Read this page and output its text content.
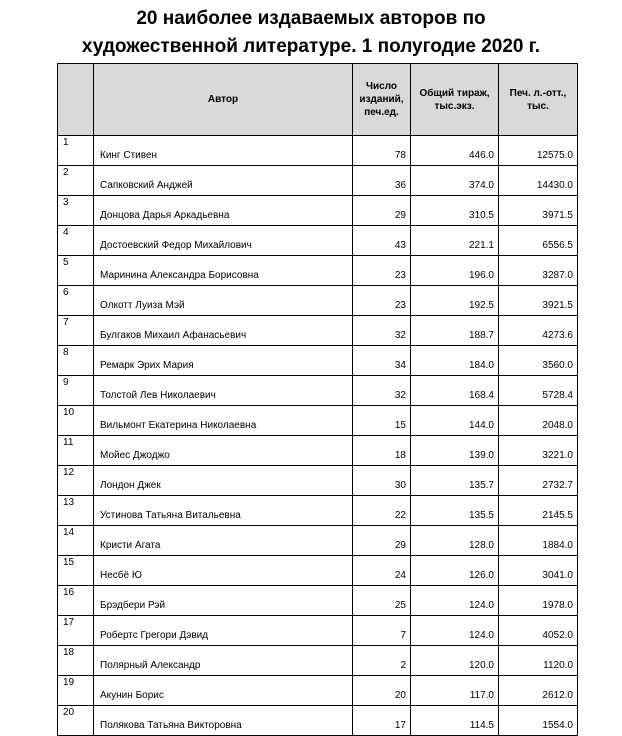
20 наиболее издаваемых авторов по
художественной литературе. 1 полугодие 2020 г.
	Автор	Число изданий, печ.ед.	Общий тираж, тыс.экз.	Печ. л.-отт., тыс.
1	Кинг Стивен	78	446.0	12575.0
2	Сапковский Анджей	36	374.0	14430.0
3	Донцова Дарья Аркадьевна	29	310.5	3971.5
4	Достоевский Федор Михайлович	43	221.1	6556.5
5	Маринина Александра Борисовна	23	196.0	3287.0
6	Олкотт Луиза Мэй	23	192.5	3921.5
7	Булгаков Михаил Афанасьевич	32	188.7	4273.6
8	Ремарк Эрих Мария	34	184.0	3560.0
9	Толстой Лев Николаевич	32	168.4	5728.4
10	Вильмонт Екатерина Николаевна	15	144.0	2048.0
11	Мойес Джоджо	18	139.0	3221.0
12	Лондон Джек	30	135.7	2732.7
13	Устинова Татьяна Витальевна	22	135.5	2145.5
14	Кристи Агата	29	128.0	1884.0
15	Несбё Ю	24	126.0	3041.0
16	Брэдбери Рэй	25	124.0	1978.0
17	Робертс Грегори Дэвид	7	124.0	4052.0
18	Полярный Александр	2	120.0	1120.0
19	Акунин Борис	20	117.0	2612.0
20	Полякова Татьяна Викторовна	17	114.5	1554.0
